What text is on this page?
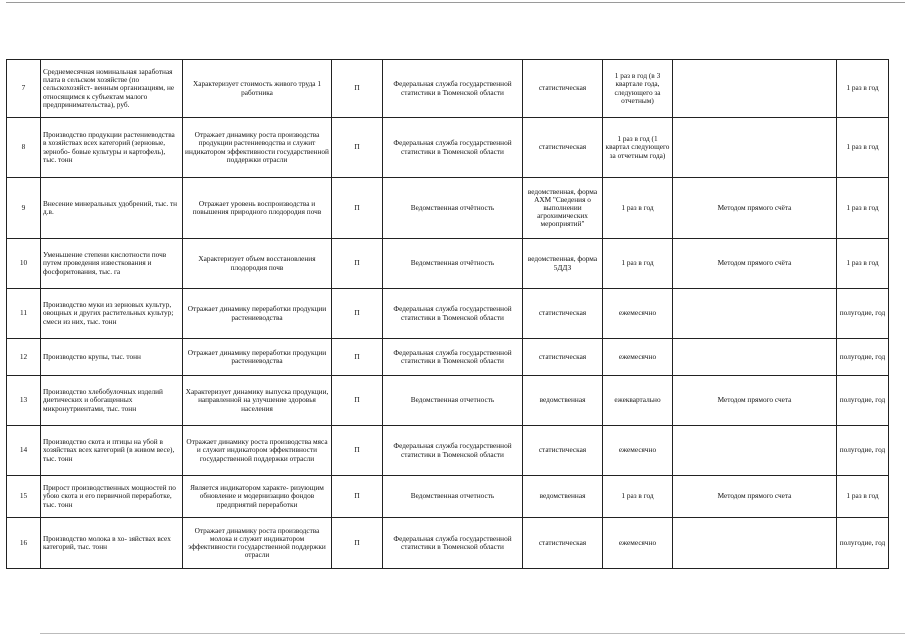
7	Среднемесячная номинальная заработная плата в сельском хозяйстве (по сельскохозяйст- венным организациям, не относящимся к субъектам малого предпринимательства), руб.	Характеризует стоимость живого труда 1 работника	П	Федеральная служба государственной статистики в Тюменской области	статистическая	1 раз в год (в 3 квартале года, следующего за отчетным)		1 раз в год
8	Производство продукции растениеводства в хозяйствах всех категорий (зерновые, зернобо- бовые культуры и картофель), тыс. тонн	Отражает динамику роста производства продукции растениеводства и служит индикатором эффективности государственной поддержки отрасли	П	Федеральная служба государственной статистики в Тюменской области	статистическая	1 раз в год (1 квартал следующего за отчетным года)		1 раз в год
9	Внесение минеральных удобрений, тыс. тн д.в.	Отражает уровень воспроизводства и повышения природного плодородия почв	П	Ведомственная отчётность	ведомственная, форма АХМ "Сведения о выполнении агрохимических мероприятий"	1 раз в год	Методом прямого счёта	1 раз в год
10	Уменьшение степени кислотности почв путем проведения известкования и фосфоритования, тыс. га	Характеризует объем восстановления плодородия почв	П	Ведомственная отчётность	ведомственная, форма 5ДДЗ	1 раз в год	Методом прямого счёта	1 раз в год
11	Производство муки из зерновых культур, овощных и других растительных культур; смеси из них, тыс. тонн	Отражает динамику переработки продукции растениеводства	П	Федеральная служба государственной статистики в Тюменской области	статистическая	ежемесячно		полугодие, год
12	Производство крупы, тыс. тонн	Отражает динамику переработки продукции растениеводства	П	Федеральная служба государственной статистики в Тюменской области	статистическая	ежемесячно		полугодие, год
13	Производство хлебобулочных изделий диетических и обогащенных микронутриентами, тыс. тонн	Характеризует динамику выпуска продукции, направленной на улучшение здоровья населения	П	Ведомственная отчетность	ведомственная	ежеквартально	Методом прямого счета	полугодие, год
14	Производство скота и птицы на убой в хозяйствах всех категорий (в живом весе), тыс. тонн	Отражает динамику роста производства мяса и служит индикатором эффективности государственной поддержки отрасли	П	Федеральная служба государственной статистики в Тюменской области	статистическая	ежемесячно		полугодие, год
15	Прирост производственных мощностей по убою скота и его первичной переработке, тыс. тонн	Является индикатором характе- ризующим обновление и модернизацию фондов предприятий переработки	П	Ведомственная отчетность	ведомственная	1 раз в год	Методом прямого счета	1 раз в год
16	Производство молока в хо- зяйствах всех категорий, тыс. тонн	Отражает динамику роста производства молока и служит индикатором эффективности государственной поддержки отрасли	П	Федеральная служба государственной статистики в Тюменской области	статистическая	ежемесячно		полугодие, год
